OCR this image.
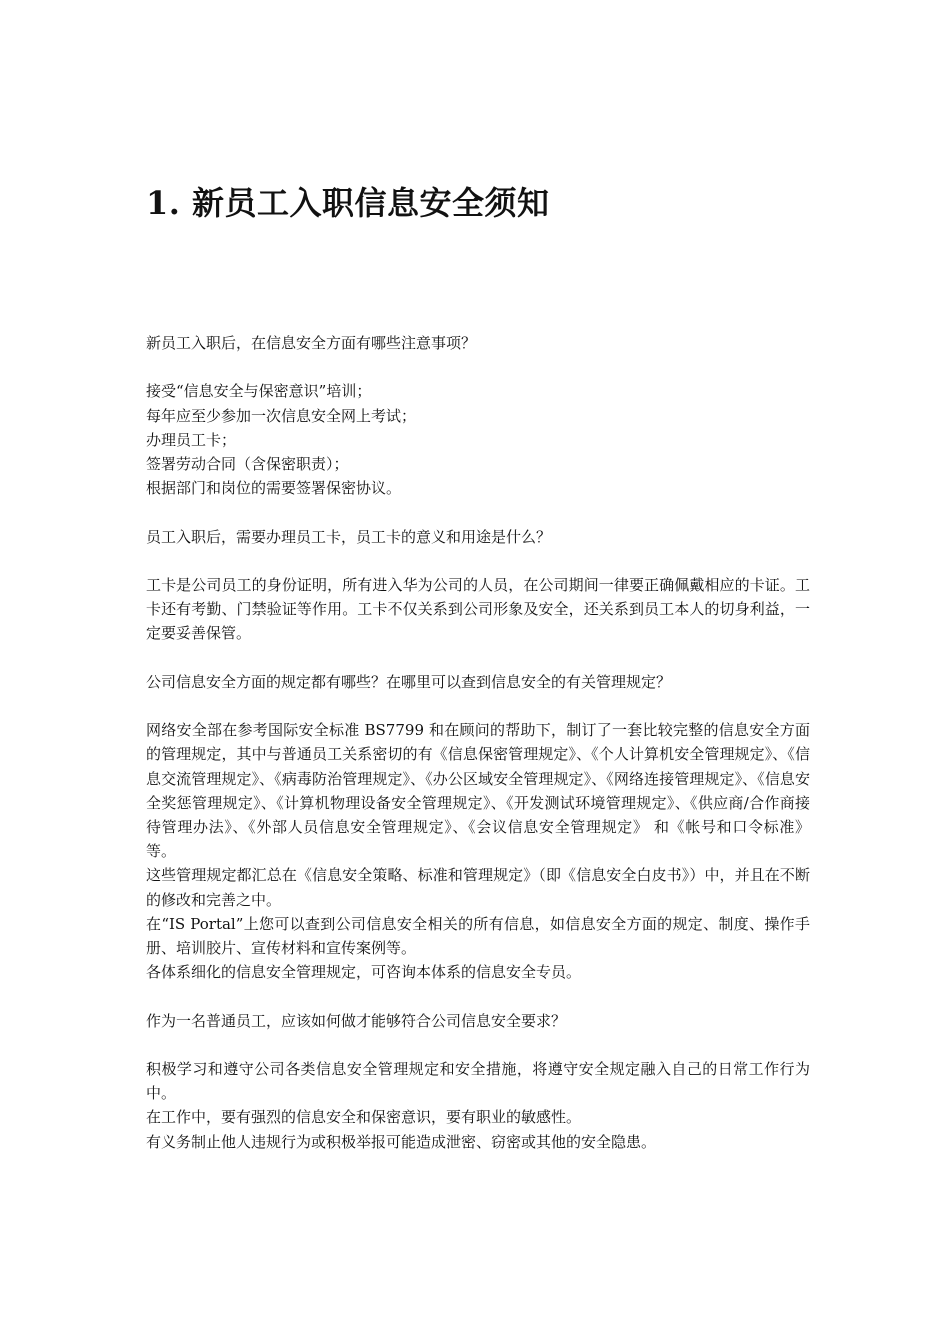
1. 新员工入职信息安全须知

新员工入职后，在信息安全方面有哪些注意事项？

接受“信息安全与保密意识”培训；

每年应至少参加一次信息安全网上考试；

办理员工卡；

签署劳动合同（含保密职责）；

根据部门和岗位的需要签署保密协议。

员工入职后，需要办理员工卡，员工卡的意义和用途是什么？

工卡是公司员工的身份证明，所有进入华为公司的人员，在公司期间一律要正确佩戴相应的卡证。工卡还有考勤、门禁验证等作用。工卡不仅关系到公司形象及安全，还关系到员工本人的切身利益，一定要妥善保管。

公司信息安全方面的规定都有哪些？在哪里可以查到信息安全的有关管理规定？

网络安全部在参考国际安全标准 BS7799 和在顾问的帮助下，制订了一套比较完整的信息安全方面的管理规定，其中与普通员工关系密切的有《信息保密管理规定》、《个人计算机安全管理规定》、《信息交流管理规定》、《病毒防治管理规定》、《办公区域安全管理规定》、《网络连接管理规定》、《信息安全奖惩管理规定》、《计算机物理设备安全管理规定》、《开发测试环境管理规定》、《供应商/合作商接待管理办法》、《外部人员信息安全管理规定》、《会议信息安全管理规定》 和《帐号和口令标准》 等。

这些管理规定都汇总在《信息安全策略、标准和管理规定》（即《信息安全白皮书》）中，并且在不断的修改和完善之中。

在“IS Portal”上您可以查到公司信息安全相关的所有信息，如信息安全方面的规定、制度、操作手册、培训胶片、宣传材料和宣传案例等。

各体系细化的信息安全管理规定，可咨询本体系的信息安全专员。

作为一名普通员工，应该如何做才能够符合公司信息安全要求？

积极学习和遵守公司各类信息安全管理规定和安全措施，将遵守安全规定融入自己的日常工作行为中。

在工作中，要有强烈的信息安全和保密意识，要有职业的敏感性。

有义务制止他人违规行为或积极举报可能造成泄密、窃密或其他的安全隐患。
